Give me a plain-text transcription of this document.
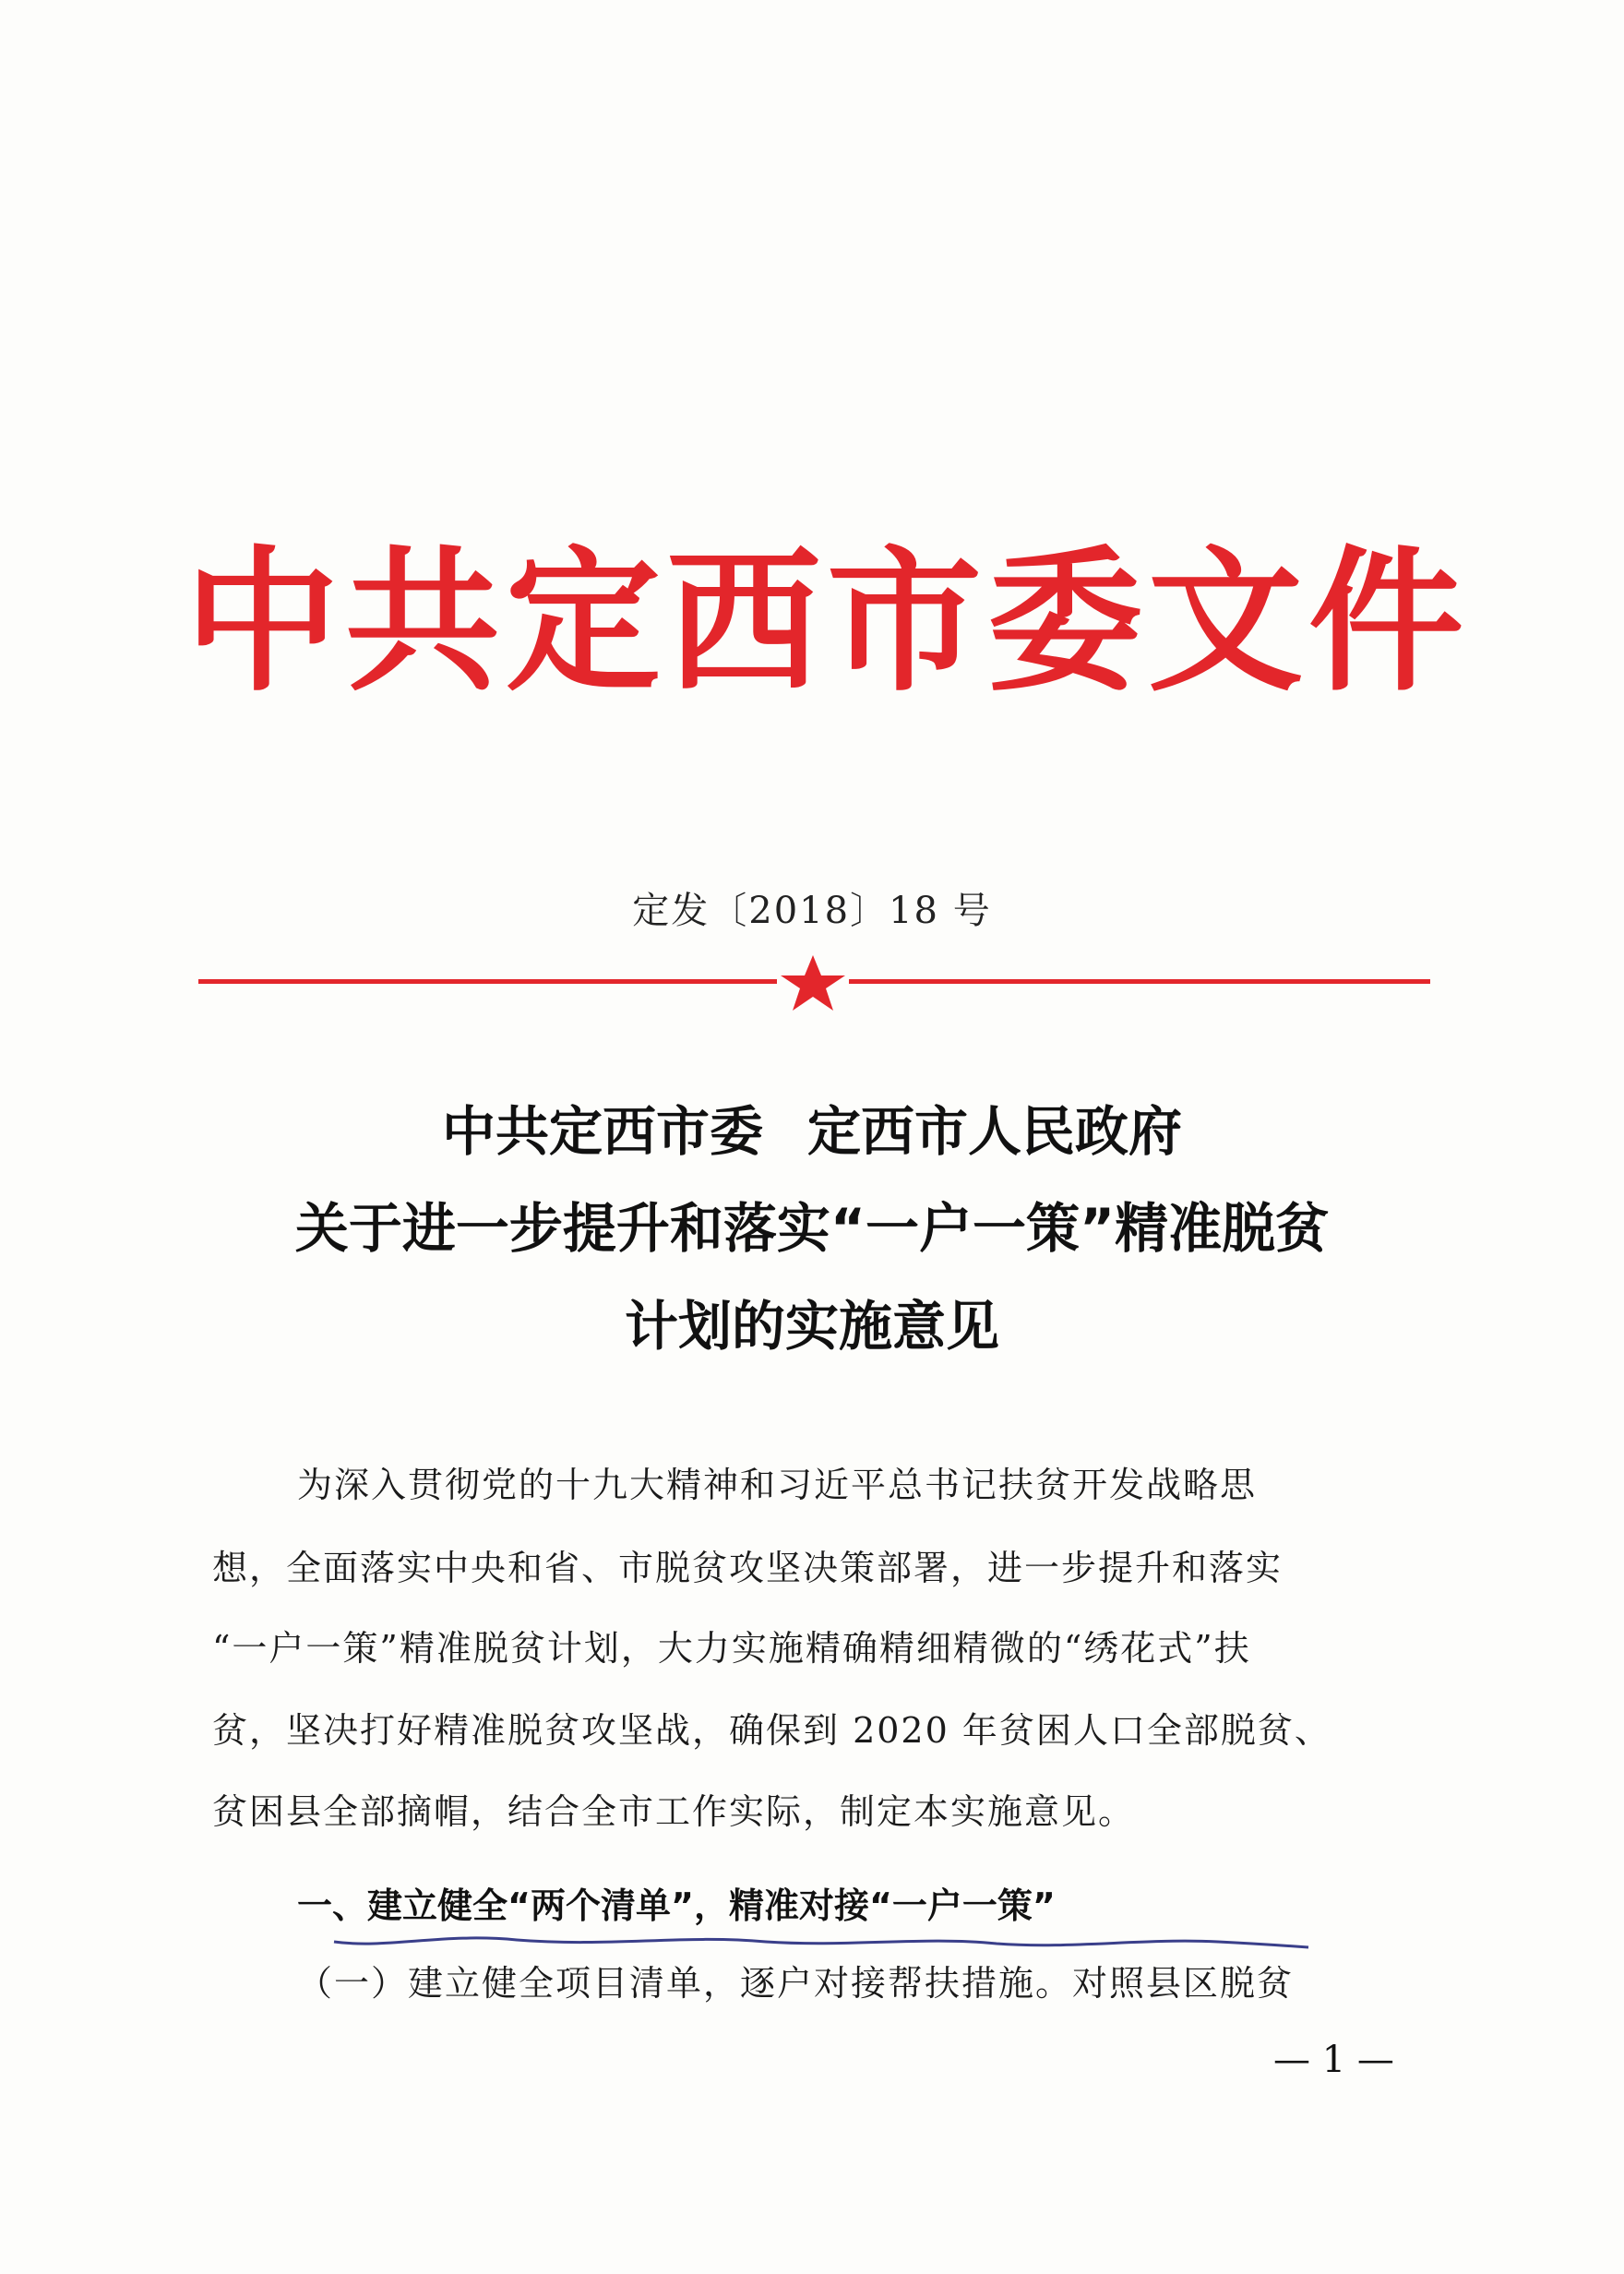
中共定西市委文件
定发〔2018〕18 号
中共定西市委 定西市人民政府
关于进一步提升和落实“一户一策”精准脱贫
计划的实施意见
为深入贯彻党的十九大精神和习近平总书记扶贫开发战略思
想，全面落实中央和省、市脱贫攻坚决策部署，进一步提升和落实
“一户一策”精准脱贫计划，大力实施精确精细精微的“绣花式”扶
贫，坚决打好精准脱贫攻坚战，确保到 2020 年贫困人口全部脱贫、
贫困县全部摘帽，结合全市工作实际，制定本实施意见。
一、建立健全“两个清单”，精准对接“一户一策”
（一）建立健全项目清单，逐户对接帮扶措施。对照县区脱贫
— 1 —
